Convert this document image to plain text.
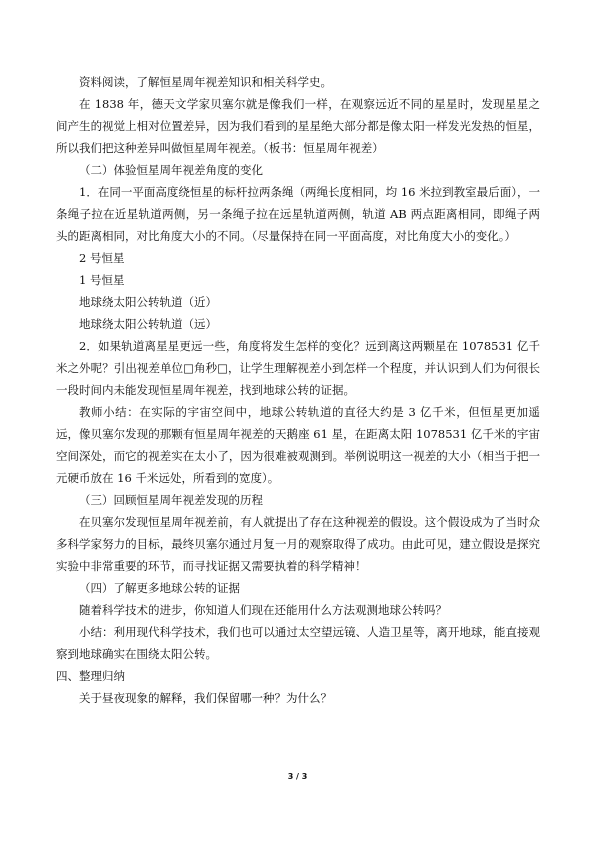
资料阅读，了解恒星周年视差知识和相关科学史。

在 1838 年，德天文学家贝塞尔就是像我们一样，在观察远近不同的星星时，发现星星之间产生的视觉上相对位置差异，因为我们看到的星星绝大部分都是像太阳一样发光发热的恒星，所以我们把这种差异叫做恒星周年视差。（板书：恒星周年视差）

（二）体验恒星周年视差角度的变化

1．在同一平面高度绕恒星的标杆拉两条绳（两绳长度相同，均 16 米拉到教室最后面），一条绳子拉在近星轨道两侧，另一条绳子拉在远星轨道两侧，轨道 AB 两点距离相同，即绳子两头的距离相同，对比角度大小的不同。（尽量保持在同一平面高度，对比角度大小的变化。）

2 号恒星

1 号恒星

地球绕太阳公转轨道（近）

地球绕太阳公转轨道（远）

2．如果轨道离星星更远一些，角度将发生怎样的变化？远到离这两颗星在 1078531 亿千米之外呢？引出视差单位□角秒□，让学生理解视差小到怎样一个程度，并认识到人们为何很长一段时间内未能发现恒星周年视差，找到地球公转的证据。

教师小结：在实际的宇宙空间中，地球公转轨道的直径大约是 3 亿千米，但恒星更加遥远，像贝塞尔发现的那颗有恒星周年视差的天鹅座 61 星，在距离太阳 1078531 亿千米的宇宙空间深处，而它的视差实在太小了，因为很难被观测到。举例说明这一视差的大小（相当于把一元硬币放在 16 千米远处，所看到的宽度）。

（三）回顾恒星周年视差发现的历程

在贝塞尔发现恒星周年视差前，有人就提出了存在这种视差的假设。这个假设成为了当时众多科学家努力的目标，最终贝塞尔通过月复一月的观察取得了成功。由此可见，建立假设是探究实验中非常重要的环节，而寻找证据又需要执着的科学精神！

（四）了解更多地球公转的证据

随着科学技术的进步，你知道人们现在还能用什么方法观测地球公转吗？

小结：利用现代科学技术，我们也可以通过太空望远镜、人造卫星等，离开地球，能直接观察到地球确实在围绕太阳公转。

四、整理归纳

关于昼夜现象的解释，我们保留哪一种？为什么？

3 / 3
